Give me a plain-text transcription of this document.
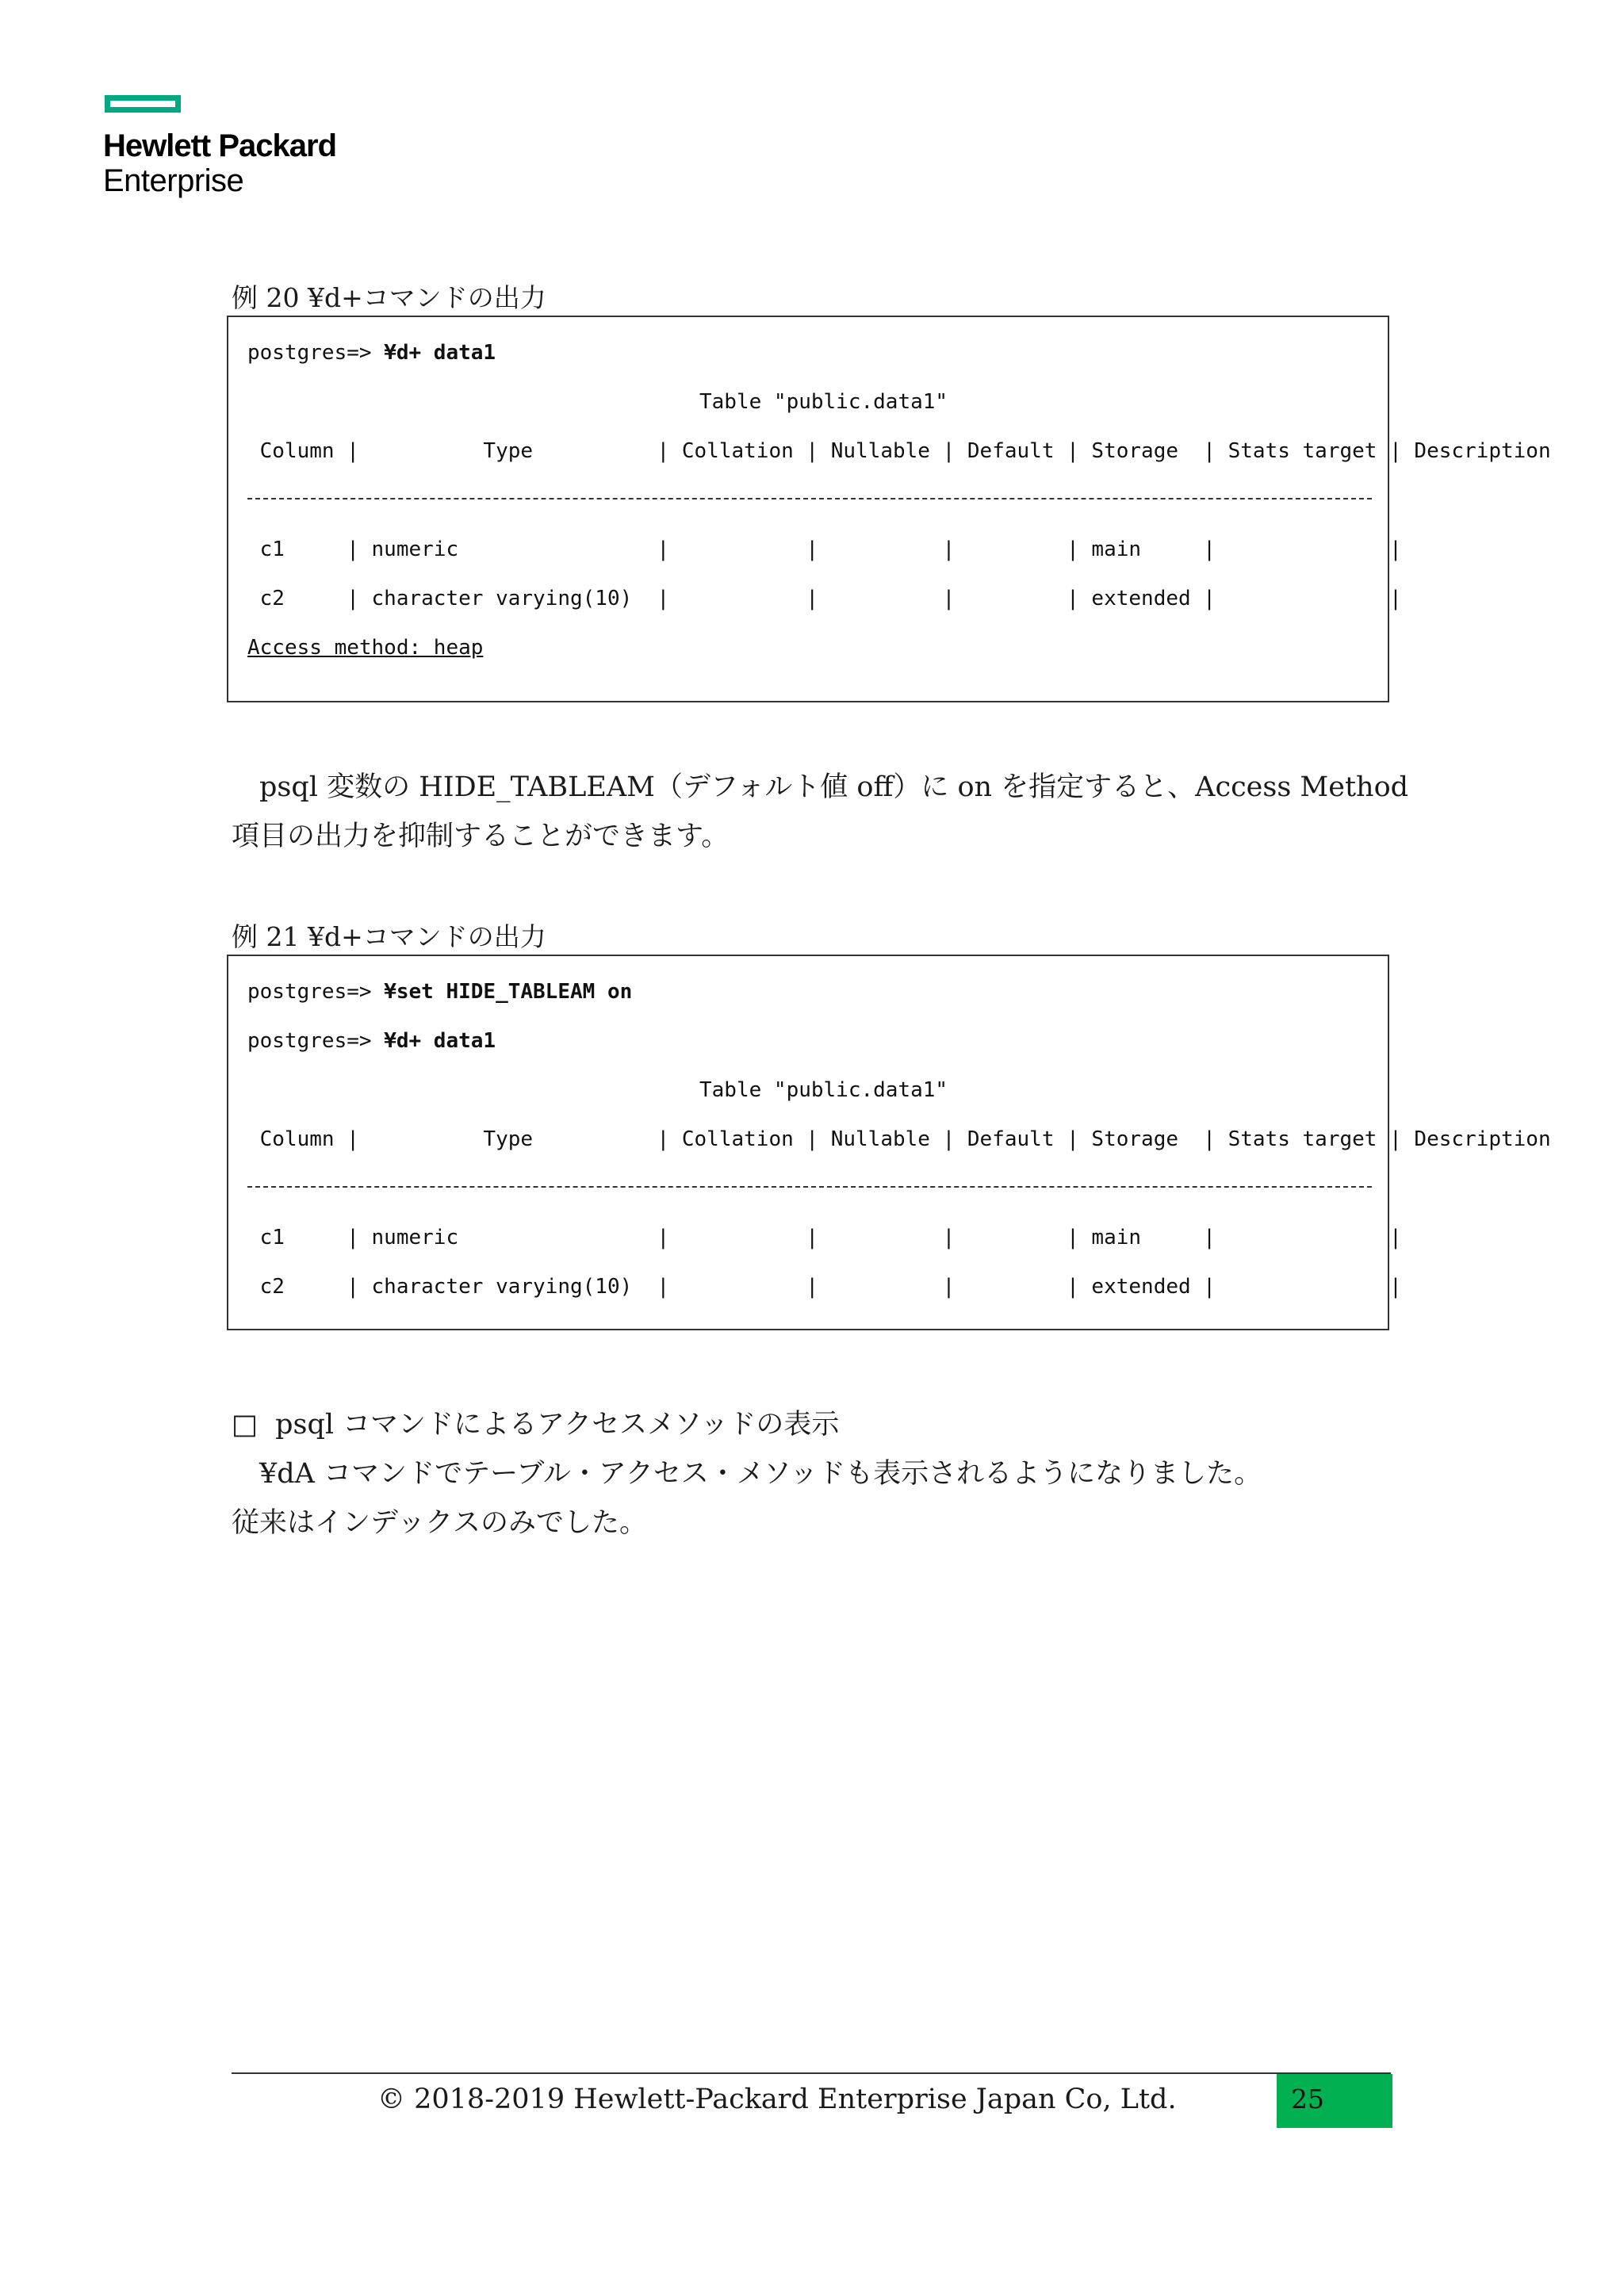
Hewlett Packard
Enterprise
例 20 ¥d+コマンドの出力
postgres=> ¥d+ data1
Table "public.data1"
Column |          Type          | Collation | Nullable | Default | Storage  | Stats target | Description
c1     | numeric                |           |          |         | main     |              |
c2     | character varying(10)  |           |          |         | extended |              |
Access method: heap
　psql 変数の HIDE_TABLEAM（デフォルト値 off）に on を指定すると、Access Method
項目の出力を抑制することができます。
例 21 ¥d+コマンドの出力
postgres=> ¥set HIDE_TABLEAM on
postgres=> ¥d+ data1
Table "public.data1"
Column |          Type          | Collation | Nullable | Default | Storage  | Stats target | Description
c1     | numeric                |           |          |         | main     |              |
c2     | character varying(10)  |           |          |         | extended |              |
□ psql コマンドによるアクセスメソッドの表示
　¥dA コマンドでテーブル・アクセス・メソッドも表示されるようになりました。
従来はインデックスのみでした。
© 2018-2019 Hewlett-Packard Enterprise Japan Co, Ltd.	25
